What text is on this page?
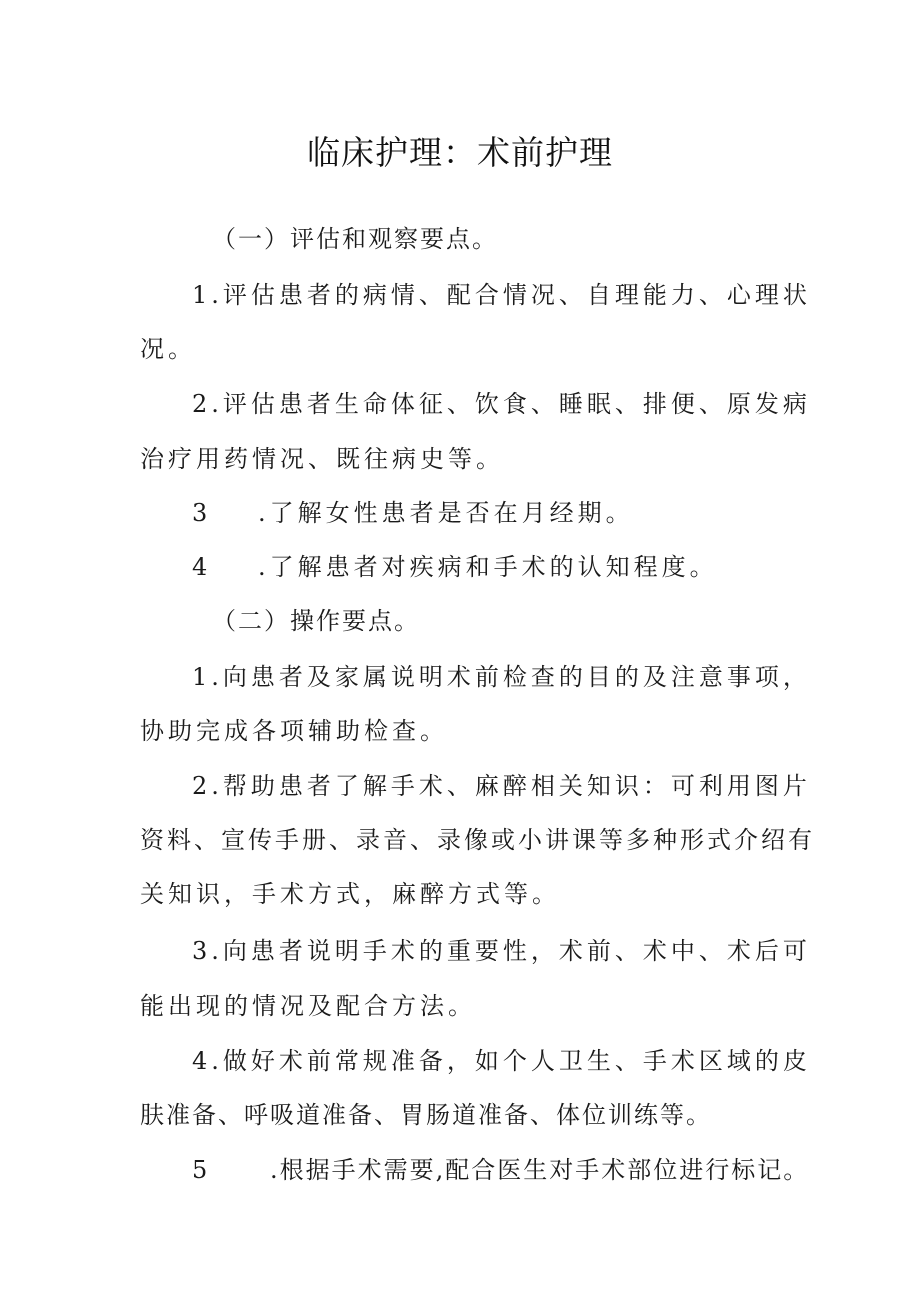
临床护理：术前护理
（一）评估和观察要点。
1.评估患者的病情、配合情况、自理能力、心理状
况。
2.评估患者生命体征、饮食、睡眠、排便、原发病
治疗用药情况、既往病史等。
3 .了解女性患者是否在月经期。
4 .了解患者对疾病和手术的认知程度。
（二）操作要点。
1.向患者及家属说明术前检查的目的及注意事项，
协助完成各项辅助检查。
2.帮助患者了解手术、麻醉相关知识：可利用图片
资料、宣传手册、录音、录像或小讲课等多种形式介绍有
关知识，手术方式，麻醉方式等。
3.向患者说明手术的重要性，术前、术中、术后可
能出现的情况及配合方法。
4.做好术前常规准备，如个人卫生、手术区域的皮
肤准备、呼吸道准备、胃肠道准备、体位训练等。
5	.根据手术需要,配合医生对手术部位进行标记。
